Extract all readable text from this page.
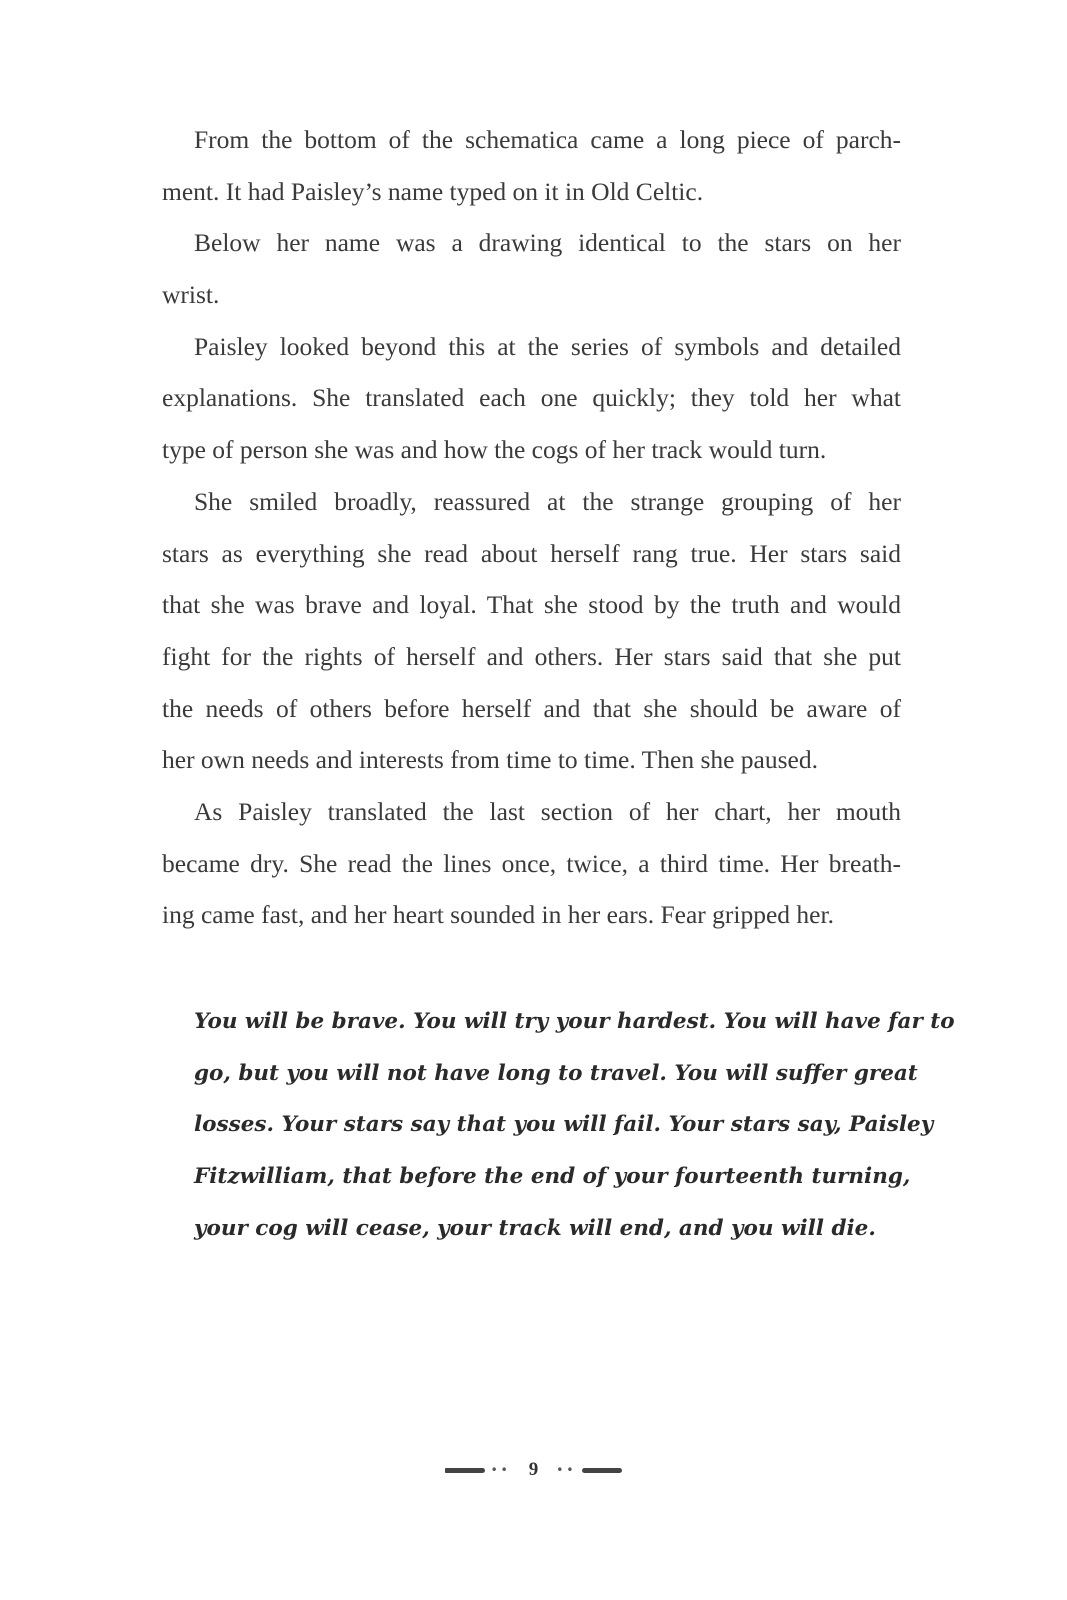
From the bottom of the schematica came a long piece of parch-
ment. It had Paisley’s name typed on it in Old Celtic.
Below her name was a drawing identical to the stars on her
wrist.
Paisley looked beyond this at the series of symbols and detailed
explanations. She translated each one quickly; they told her what
type of person she was and how the cogs of her track would turn.
She smiled broadly, reassured at the strange grouping of her
stars as everything she read about herself rang true. Her stars said
that she was brave and loyal. That she stood by the truth and would
fight for the rights of herself and others. Her stars said that she put
the needs of others before herself and that she should be aware of
her own needs and interests from time to time. Then she paused.
As Paisley translated the last section of her chart, her mouth
became dry. She read the lines once, twice, a third time. Her breath-
ing came fast, and her heart sounded in her ears. Fear gripped her.
You will be brave. You will try your hardest. You will have far to
go, but you will not have long to travel. You will suffer great
losses. Your stars say that you will fail. Your stars say, Paisley
Fitzwilliam, that before the end of your fourteenth turning,
your cog will cease, your track will end, and you will die.
•• 9 ••
